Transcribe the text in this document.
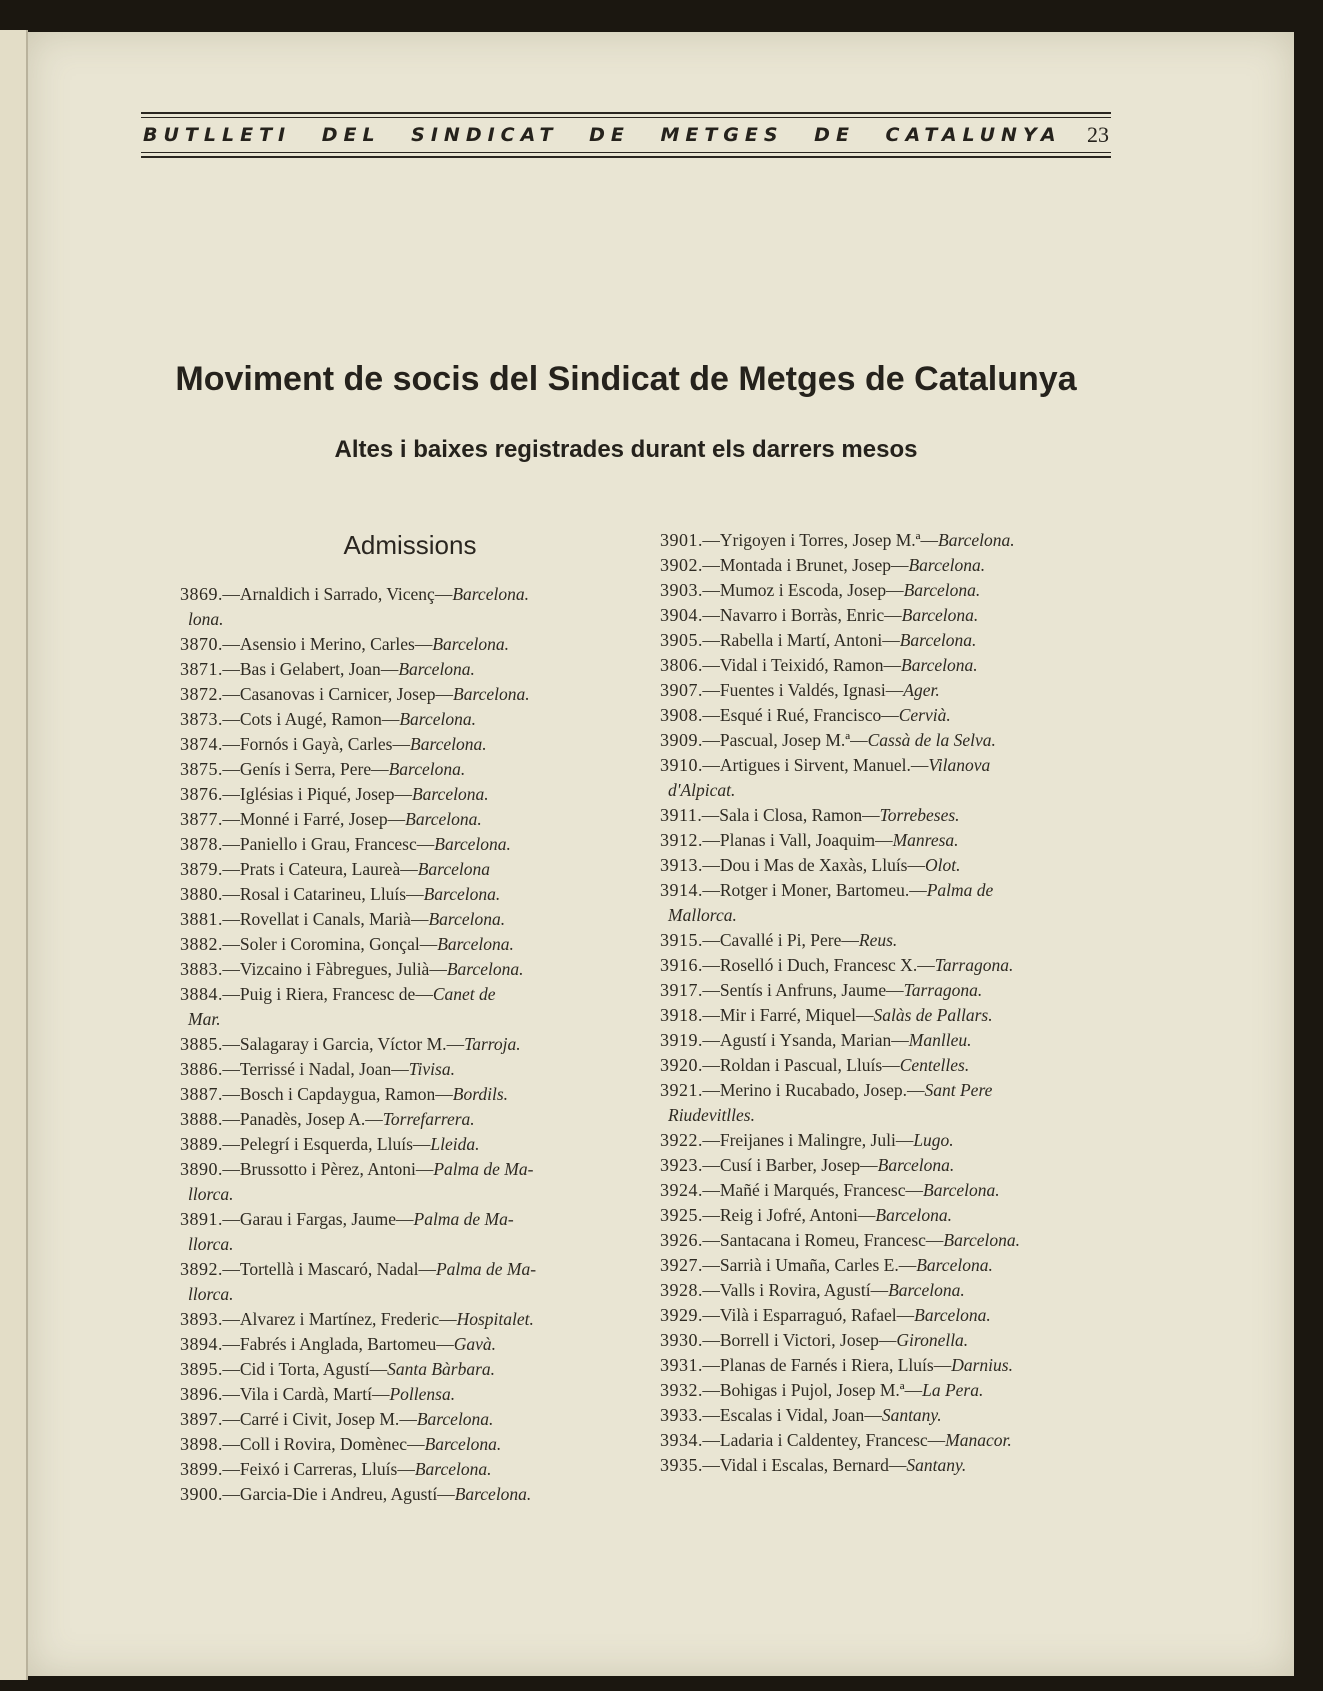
BUTLLETI DEL SINDICAT DE METGES DE CATALUNYA 23
Moviment de socis del Sindicat de Metges de Catalunya
Altes i baixes registrades durant els darrers mesos
Admissions
3869.—Arnaldich i Sarrado, Vicenç—Barcelona.
lona.
3870.—Asensio i Merino, Carles—Barcelona.
3871.—Bas i Gelabert, Joan—Barcelona.
3872.—Casanovas i Carnicer, Josep—Barcelona.
3873.—Cots i Augé, Ramon—Barcelona.
3874.—Fornós i Gayà, Carles—Barcelona.
3875.—Genís i Serra, Pere—Barcelona.
3876.—Iglésias i Piqué, Josep—Barcelona.
3877.—Monné i Farré, Josep—Barcelona.
3878.—Paniello i Grau, Francesc—Barcelona.
3879.—Prats i Cateura, Laureà—Barcelona
3880.—Rosal i Catarineu, Lluís—Barcelona.
3881.—Rovellat i Canals, Marià—Barcelona.
3882.—Soler i Coromina, Gonçal—Barcelona.
3883.—Vizcaino i Fàbregues, Julià—Barcelona.
3884.—Puig i Riera, Francesc de—Canet de
Mar.
3885.—Salagaray i Garcia, Víctor M.—Tarroja.
3886.—Terrissé i Nadal, Joan—Tivisa.
3887.—Bosch i Capdaygua, Ramon—Bordils.
3888.—Panadès, Josep A.—Torrefarrera.
3889.—Pelegrí i Esquerda, Lluís—Lleida.
3890.—Brussotto i Pèrez, Antoni—Palma de Ma-
llorca.
3891.—Garau i Fargas, Jaume—Palma de Ma-
llorca.
3892.—Tortellà i Mascaró, Nadal—Palma de Ma-
llorca.
3893.—Alvarez i Martínez, Frederic—Hospitalet.
3894.—Fabrés i Anglada, Bartomeu—Gavà.
3895.—Cid i Torta, Agustí—Santa Bàrbara.
3896.—Vila i Cardà, Martí—Pollensa.
3897.—Carré i Civit, Josep M.—Barcelona.
3898.—Coll i Rovira, Domènec—Barcelona.
3899.—Feixó i Carreras, Lluís—Barcelona.
3900.—Garcia-Die i Andreu, Agustí—Barcelona.
3901.—Yrigoyen i Torres, Josep M.ª—Barcelona.
3902.—Montada i Brunet, Josep—Barcelona.
3903.—Mumoz i Escoda, Josep—Barcelona.
3904.—Navarro i Borràs, Enric—Barcelona.
3905.—Rabella i Martí, Antoni—Barcelona.
3806.—Vidal i Teixidó, Ramon—Barcelona.
3907.—Fuentes i Valdés, Ignasi—Ager.
3908.—Esqué i Rué, Francisco—Cervià.
3909.—Pascual, Josep M.ª—Cassà de la Selva.
3910.—Artigues i Sirvent, Manuel.—Vilanova
d'Alpicat.
3911.—Sala i Closa, Ramon—Torrebeses.
3912.—Planas i Vall, Joaquim—Manresa.
3913.—Dou i Mas de Xaxàs, Lluís—Olot.
3914.—Rotger i Moner, Bartomeu.—Palma de
Mallorca.
3915.—Cavallé i Pi, Pere—Reus.
3916.—Roselló i Duch, Francesc X.—Tarragona.
3917.—Sentís i Anfruns, Jaume—Tarragona.
3918.—Mir i Farré, Miquel—Salàs de Pallars.
3919.—Agustí i Ysanda, Marian—Manlleu.
3920.—Roldan i Pascual, Lluís—Centelles.
3921.—Merino i Rucabado, Josep.—Sant Pere
Riudevitlles.
3922.—Freijanes i Malingre, Juli—Lugo.
3923.—Cusí i Barber, Josep—Barcelona.
3924.—Mañé i Marqués, Francesc—Barcelona.
3925.—Reig i Jofré, Antoni—Barcelona.
3926.—Santacana i Romeu, Francesc—Barcelona.
3927.—Sarrià i Umaña, Carles E.—Barcelona.
3928.—Valls i Rovira, Agustí—Barcelona.
3929.—Vilà i Esparraguó, Rafael—Barcelona.
3930.—Borrell i Victori, Josep—Gironella.
3931.—Planas de Farnés i Riera, Lluís—Darnius.
3932.—Bohigas i Pujol, Josep M.ª—La Pera.
3933.—Escalas i Vidal, Joan—Santany.
3934.—Ladaria i Caldentey, Francesc—Manacor.
3935.—Vidal i Escalas, Bernard—Santany.
